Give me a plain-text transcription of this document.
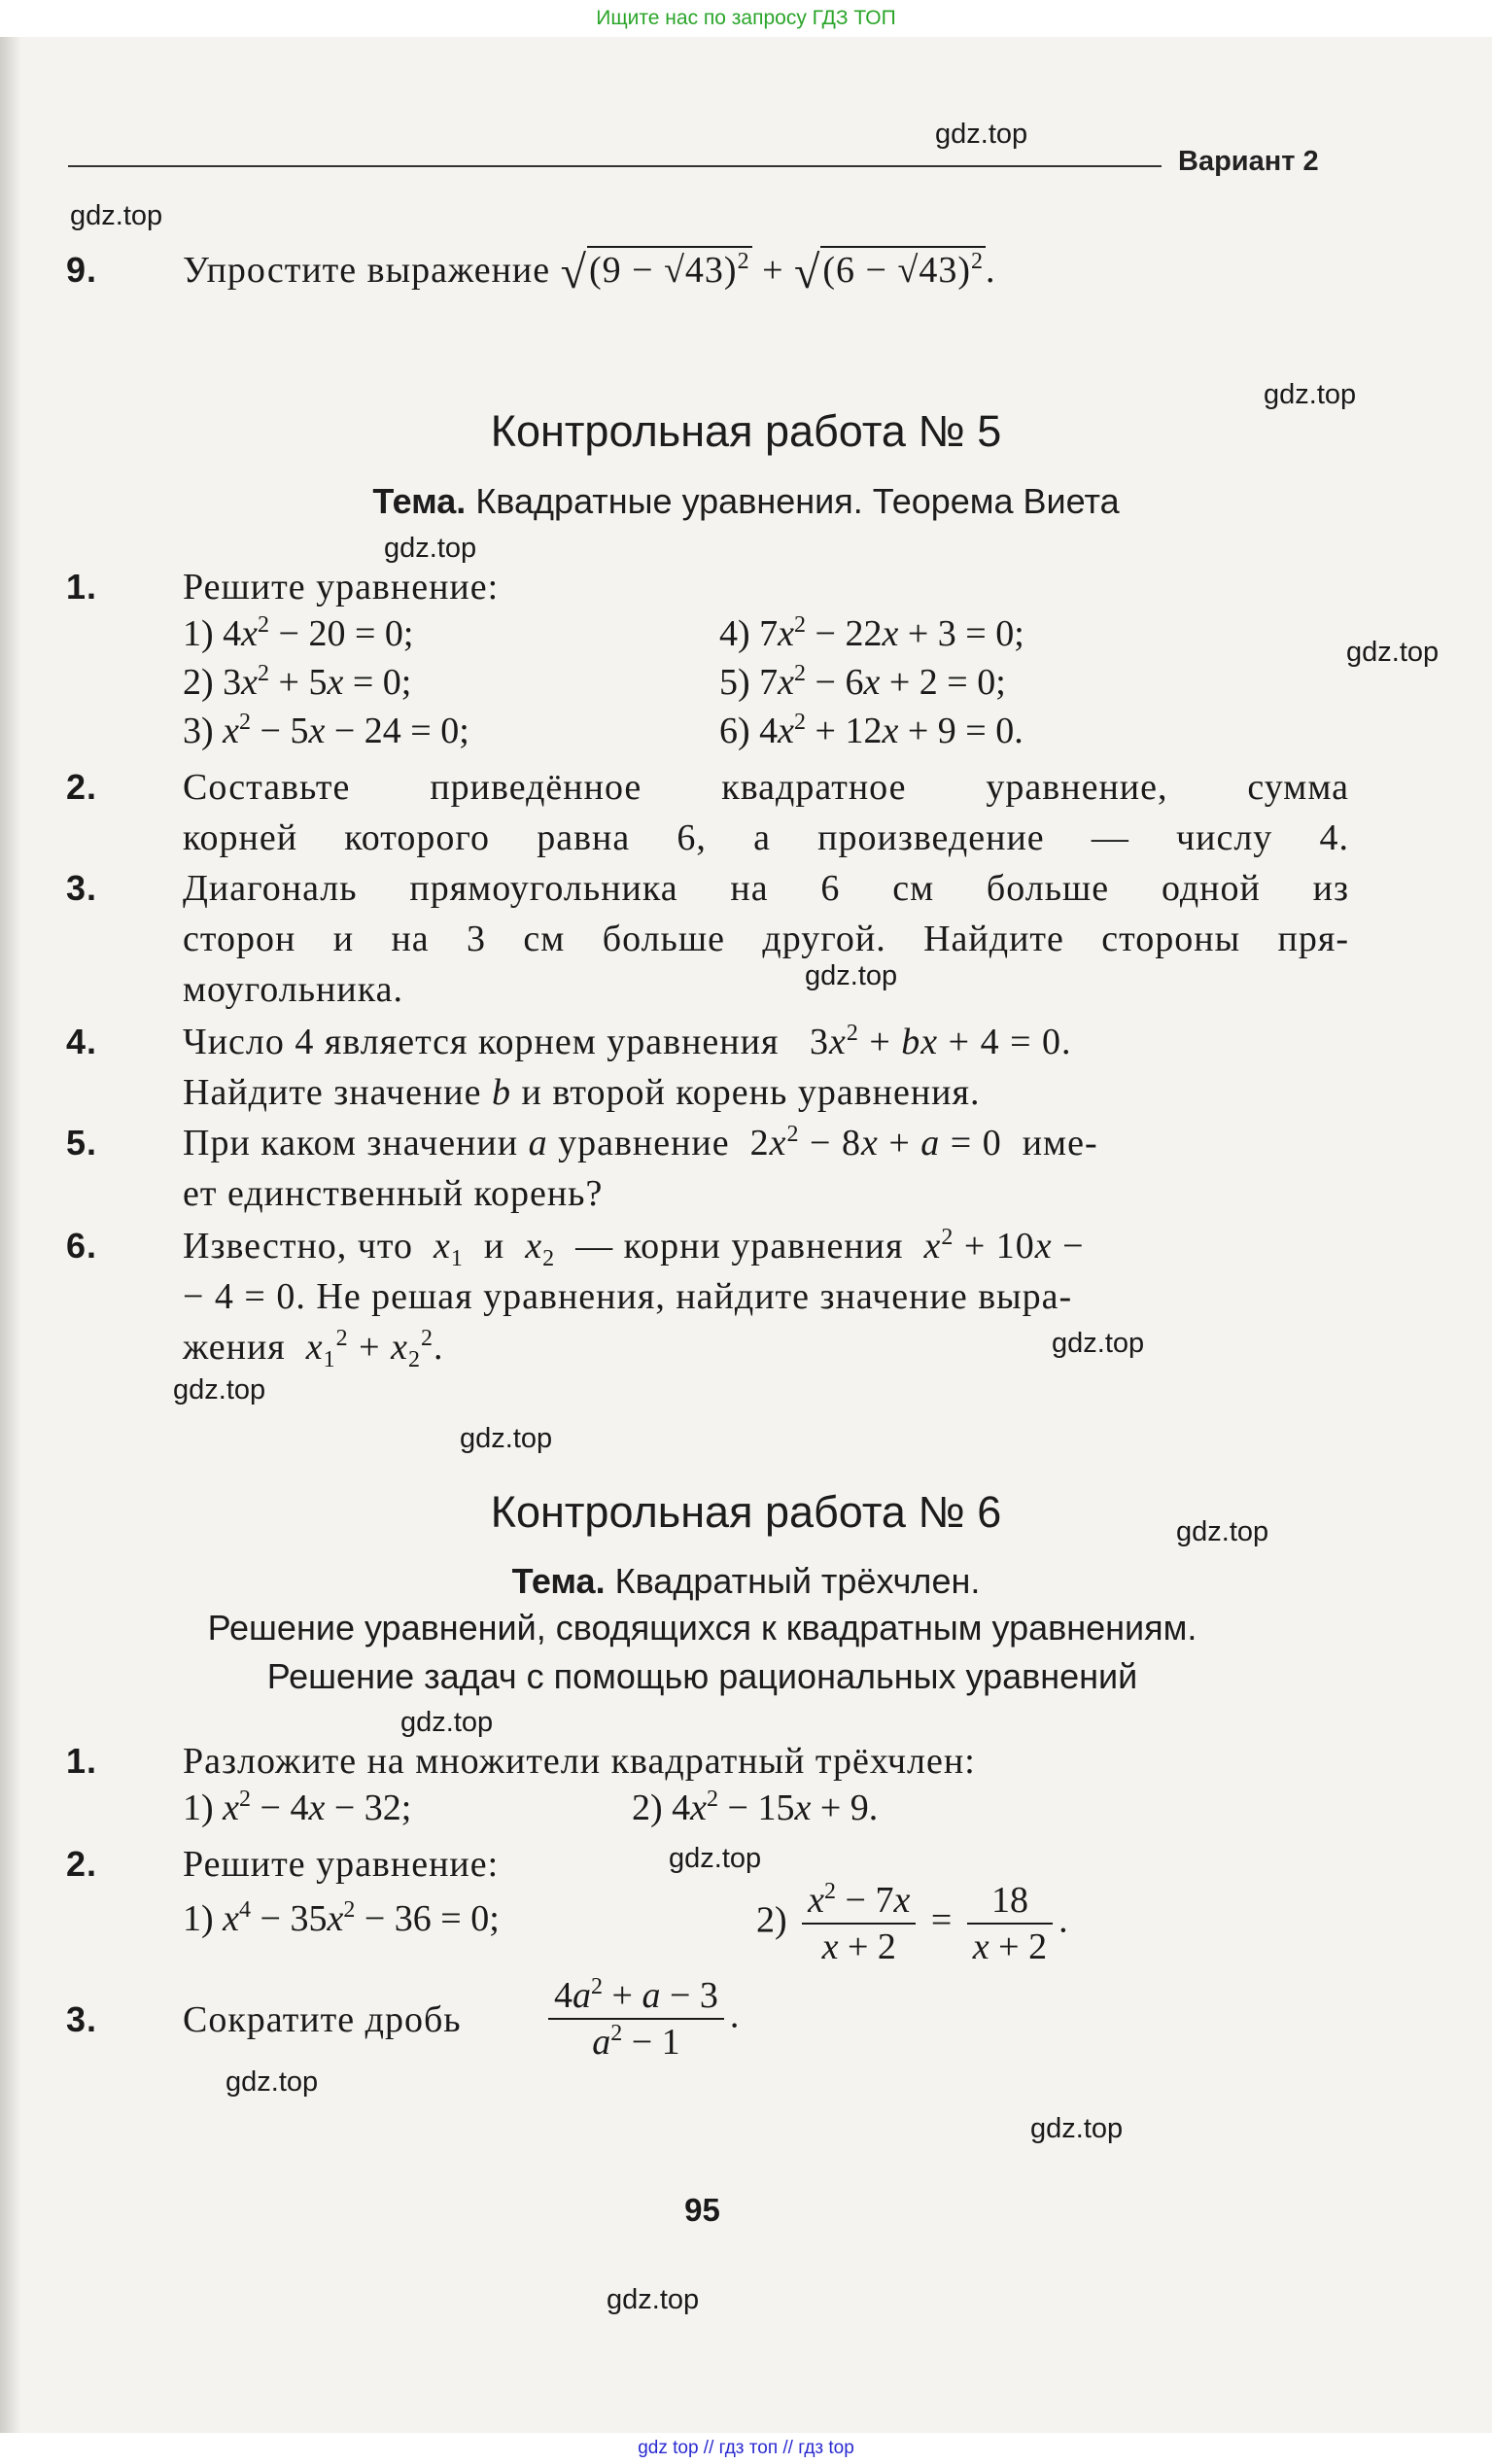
Ищите нас по запросу ГДЗ ТОП
gdz.top
Вариант 2
gdz.top
9. Упростите выражение $√(9 - √43)^2 + √(6 - √43)^2$.
gdz.top
Контрольная работа № 5
Тема. Квадратные уравнения. Теорема Виета
gdz.top
gdz.top
1. Решите уравнение:
1) $4x^2 - 20 = 0$;	4) $7x^2 - 22x + 3 = 0$;
2) $3x^2 + 5x = 0$;	5) $7x^2 - 6x + 2 = 0$;
3) $x^2 - 5x - 24 = 0$;	6) $4x^2 + 12x + 9 = 0$.
2. Составьте приведённое квадратное уравнение, сумма
корней которого равна 6, а произведение — числу 4.
3. Диагональ прямоугольника на 6 см больше одной из
сторон и на 3 см больше другой. Найдите стороны пря-
моугольника.	gdz.top
4. Число 4 является корнем уравнения   $3x^2$ + bx + 4 = 0.
Найдите значение b и второй корень уравнения.
5. При каком значении a уравнение  $2x^2 - 8x + a = 0$  име-
ет единственный корень?
6. Известно, что $x_1$ и $x_2$ — корни уравнения $x^2 + 10x$ −
− 4 = 0. Не решая уравнения, найдите значение выра-
жения $x_1^2 + x_2^2$.	gdz.top
gdz.top
gdz.top
Контрольная работа № 6	gdz.top
Тема. Квадратный трёхчлен.
Решение уравнений, сводящихся к квадратным уравнениям.
Решение задач с помощью рациональных уравнений
gdz.top
1. Разложите на множители квадратный трёхчлен:
1) $x^2 - 4x - 32$;	2) $4x^2 - 15x + 9$.
2. Решите уравнение:	gdz.top
1) $x^4 - 35x^2 - 36 = 0$;	$2) \frac{x^2 - 7x}{x + 2} = \frac{18}{x + 2}$ .
3. Сократите дробь	$\frac{4a^2 + a - 3}{a^2 - 1}$ .
gdz.top
gdz.top
95
gdz.top
gdz top // гдз топ // гдз top
